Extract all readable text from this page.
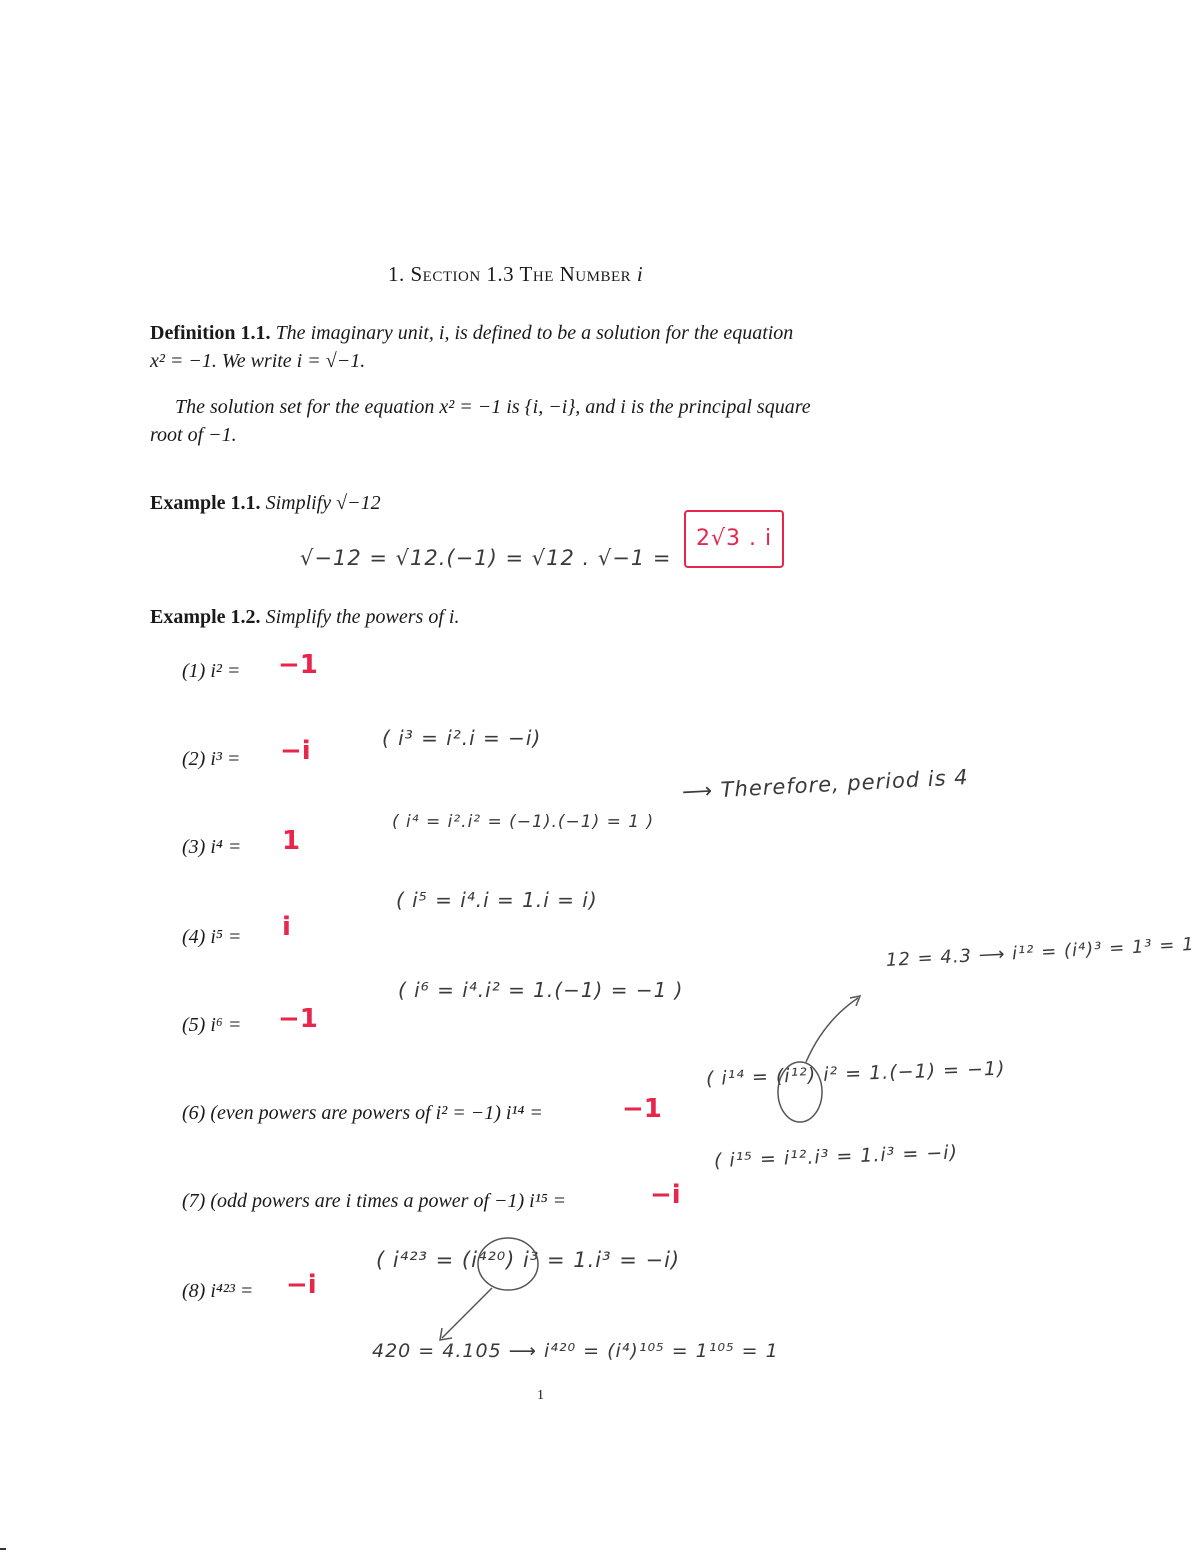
1. Section 1.3 The Number i
Definition 1.1. The imaginary unit, i, is defined to be a solution for the equation
x² = −1. We write i = √−1.
The solution set for the equation x² = −1 is {i, −i}, and i is the principal square
root of −1.
Example 1.1. Simplify √−12
√−12 = √12.(−1) = √12 . √−1 =
2√3 . i
Example 1.2. Simplify the powers of i.
(1) i² = −1
(2) i³ = −i	( i³ = i².i = −i)
(3) i⁴ = 1
( i⁴ = i².i² = (−1).(−1) = 1 )
⟶ Therefore, period is 4
(4) i⁵ = i
( i⁵ = i⁴.i = 1.i = i)
(5) i⁶ = −1
( i⁶ = i⁴.i² = 1.(−1) = −1 )
12 = 4.3 ⟶ i¹² = (i⁴)³ = 1³ = 1
(6) (even powers are powers of i² = −1) i¹⁴ =	−1
( i¹⁴ = (i¹²) i² = 1.(−1) = −1)
(7) (odd powers are i times a power of −1) i¹⁵ =	−i
( i¹⁵ = i¹².i³ = 1.i³ = −i)
(8) i⁴²³ = −i
( i⁴²³ = (i⁴²⁰) i³ = 1.i³ = −i)
420 = 4.105 ⟶ i⁴²⁰ = (i⁴)¹⁰⁵ = 1¹⁰⁵ = 1
1
